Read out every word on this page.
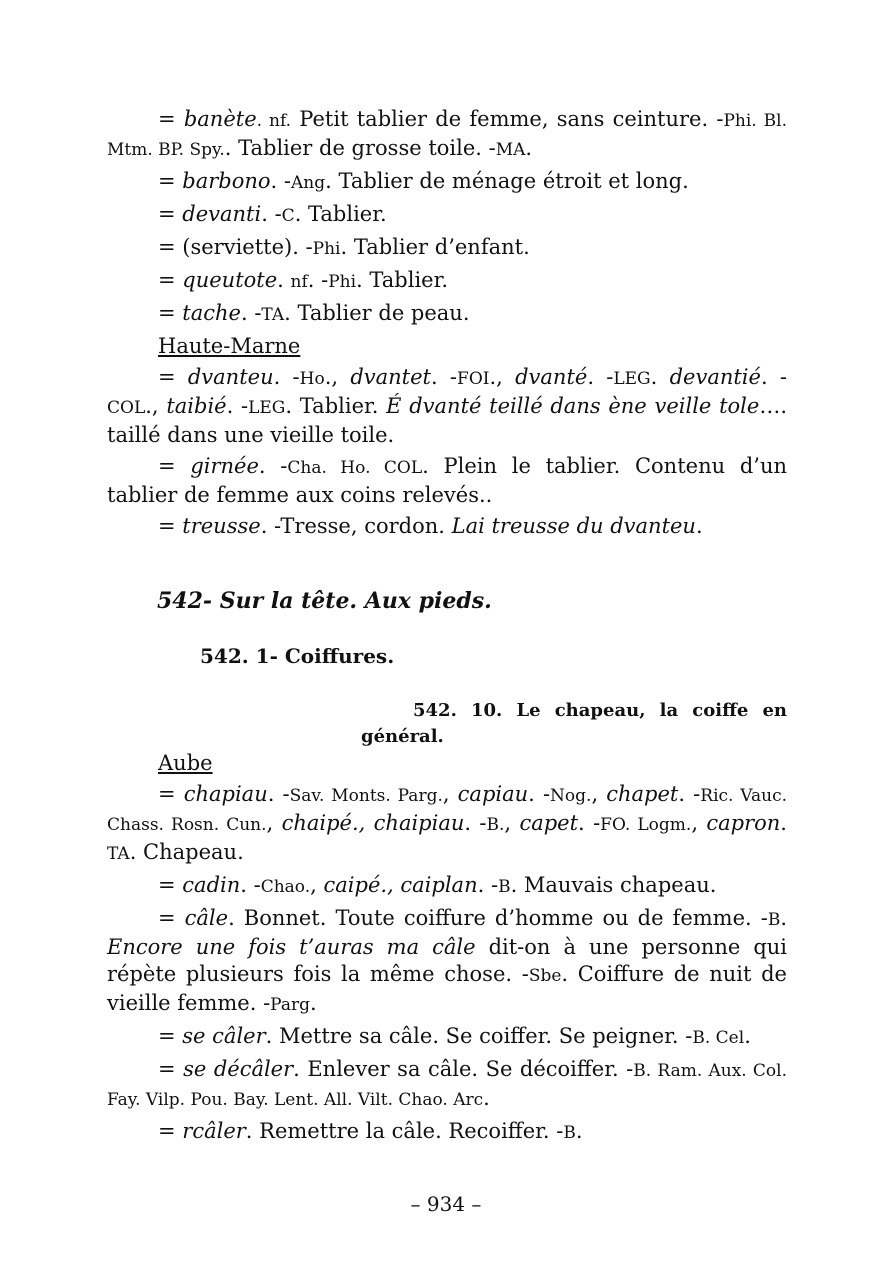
= banète. nf. Petit tablier de femme, sans ceinture. -Phi. Bl. Mtm. BP. Spy.. Tablier de grosse toile. -MA.

= barbono. -Ang. Tablier de ménage étroit et long.

= devanti. -C. Tablier.

= (serviette). -Phi. Tablier d’enfant.

= queutote. nf. -Phi. Tablier.

= tache. -TA. Tablier de peau.

Haute-Marne

= dvanteu. -Ho., dvantet. -FOI., dvanté. -LEG. devantié. -COL., taibié. -LEG. Tablier. É dvanté teillé dans ène veille tole…. taillé dans une vieille toile.

= girnée. -Cha. Ho. COL. Plein le tablier. Contenu d’un tablier de femme aux coins relevés..

= treusse. -Tresse, cordon. Lai treusse du dvanteu.

542- Sur la tête. Aux pieds.
542. 1- Coiffures.
542. 10. Le chapeau, la coiffe en
général.

Aube

= chapiau. -Sav. Monts. Parg., capiau. -Nog., chapet. -Ric. Vauc. Chass. Rosn. Cun., chaipé., chaipiau. -B., capet. -FO. Logm., capron. TA. Chapeau.

= cadin. -Chao., caipé., caiplan. -B. Mauvais chapeau.

= câle. Bonnet. Toute coiffure d’homme ou de femme. -B. Encore une fois t’auras ma câle dit-on à une personne qui répète plusieurs fois la même chose. -Sbe. Coiffure de nuit de vieille femme. -Parg.

= se câler. Mettre sa câle. Se coiffer. Se peigner. -B. Cel.

= se décâler. Enlever sa câle. Se décoiffer. -B. Ram. Aux. Col. Fay. Vilp. Pou. Bay. Lent. All. Vilt. Chao. Arc.

= rcâler. Remettre la câle. Recoiffer. -B.

– 934 –
